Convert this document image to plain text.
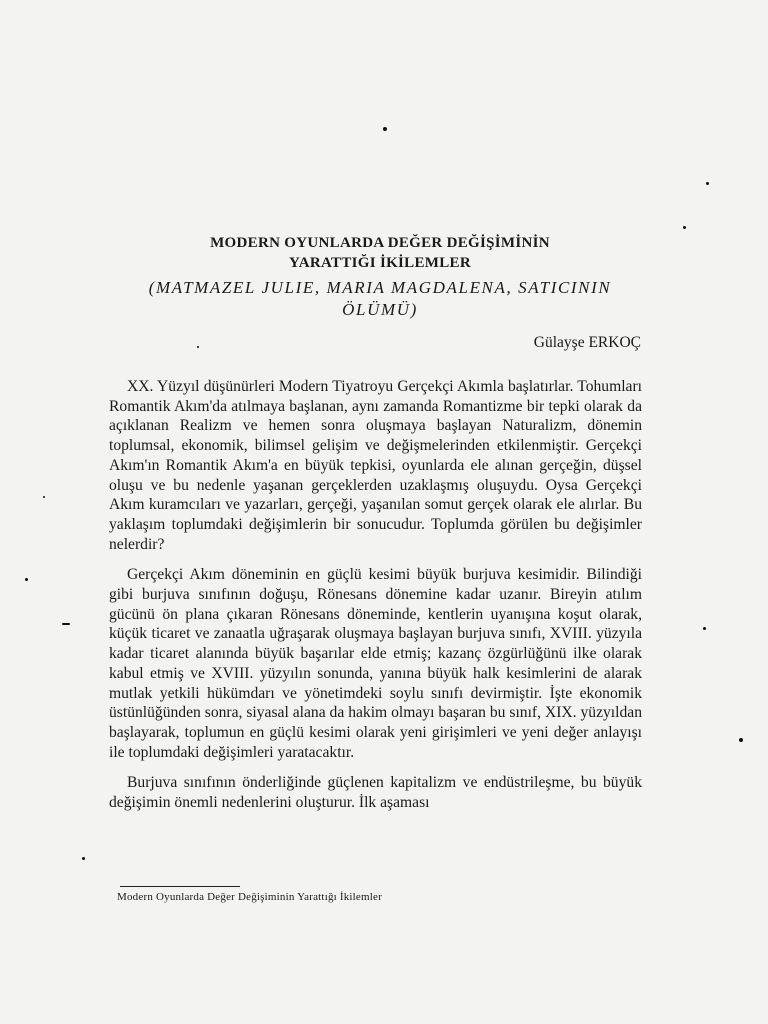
MODERN OYUNLARDA DEĞER DEĞİŞİMİNİN
YARATTIĞI İKİLEMLER
(MATMAZEL JULIE, MARIA MAGDALENA, SATICININ
ÖLÜMÜ)
Gülayşe ERKOÇ

XX. Yüzyıl düşünürleri Modern Tiyatroyu Gerçekçi Akımla başlatırlar. Tohumları Romantik Akım'da atılmaya başlanan, aynı zamanda Romantizme bir tepki olarak da açıklanan Realizm ve hemen sonra oluşmaya başlayan Naturalizm, dönemin toplumsal, ekonomik, bilimsel gelişim ve değişmelerinden etkilenmiştir. Gerçekçi Akım'ın Romantik Akım'a en büyük tepkisi, oyunlarda ele alınan gerçeğin, düşsel oluşu ve bu nedenle yaşanan gerçeklerden uzaklaşmış oluşuydu. Oysa Gerçekçi Akım kuramcıları ve yazarları, gerçeği, yaşanılan somut gerçek olarak ele alırlar. Bu yaklaşım toplumdaki değişimlerin bir sonucudur. Toplumda görülen bu değişimler nelerdir?

Gerçekçi Akım döneminin en güçlü kesimi büyük burjuva kesimidir. Bilindiği gibi burjuva sınıfının doğuşu, Rönesans dönemine kadar uzanır. Bireyin atılım gücünü ön plana çıkaran Rönesans döneminde, kentlerin uyanışına koşut olarak, küçük ticaret ve zanaatla uğraşarak oluşmaya başlayan burjuva sınıfı, XVIII. yüzyıla kadar ticaret alanında büyük başarılar elde etmiş; kazanç özgürlüğünü ilke olarak kabul etmiş ve XVIII. yüzyılın sonunda, yanına büyük halk kesimlerini de alarak mutlak yetkili hükümdarı ve yönetimdeki soylu sınıfı devirmiştir. İşte ekonomik üstünlüğünden sonra, siyasal alana da hakim olmayı başaran bu sınıf, XIX. yüzyıldan başlayarak, toplumun en güçlü kesimi olarak yeni girişimleri ve yeni değer anlayışı ile toplumdaki değişimleri yaratacaktır.

Burjuva sınıfının önderliğinde güçlenen kapitalizm ve endüstrileşme, bu büyük değişimin önemli nedenlerini oluşturur. İlk aşaması

Modern Oyunlarda Değer Değişiminin Yarattığı İkilemler
